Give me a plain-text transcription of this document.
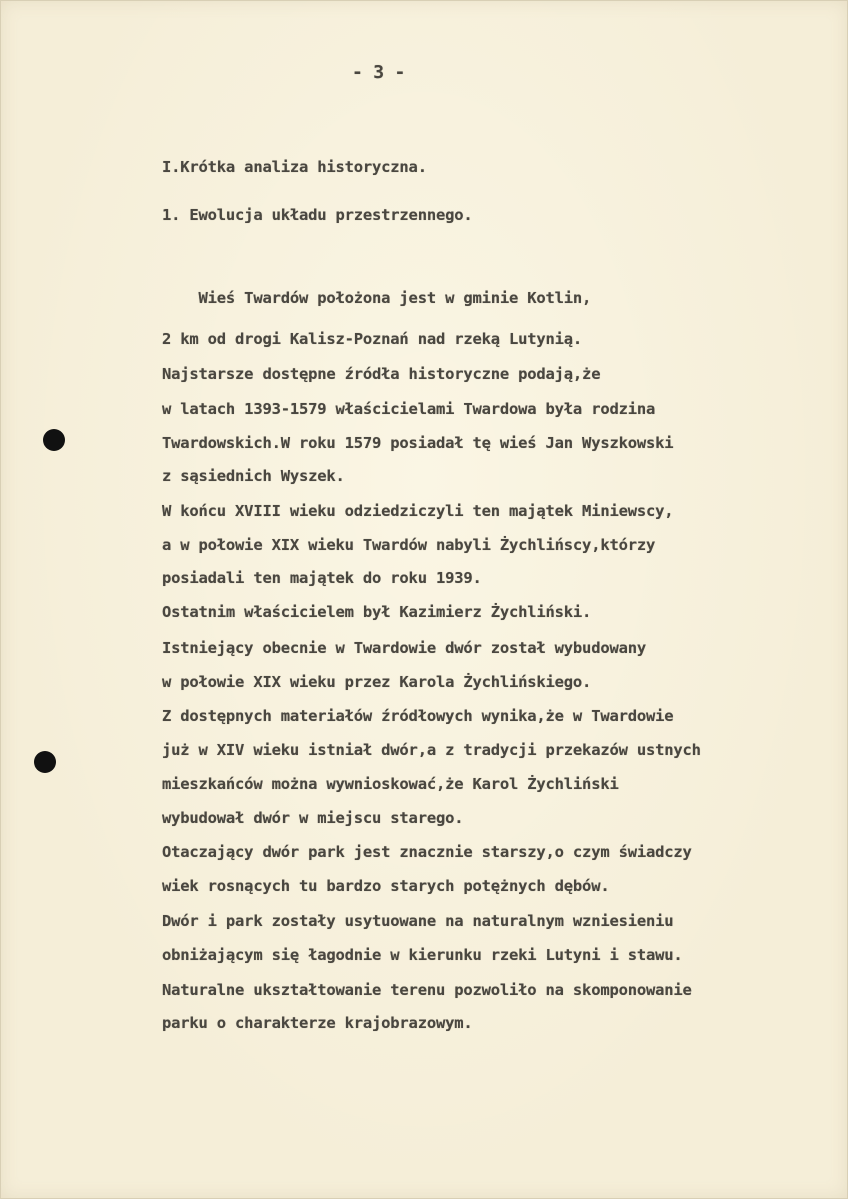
- 3 -
I.Krótka analiza historyczna.
1. Ewolucja układu przestrzennego.
Wieś Twardów położona jest w gminie Kotlin,
2 km od drogi Kalisz-Poznań nad rzeką Lutynią.
Najstarsze dostępne źródła historyczne podają,że
w latach 1393-1579 właścicielami Twardowa była rodzina
Twardowskich.W roku 1579 posiadał tę wieś Jan Wyszkowski
z sąsiednich Wyszek.
W końcu XVIII wieku odziedziczyli ten majątek Miniewscy,
a w połowie XIX wieku Twardów nabyli Żychlińscy,którzy
posiadali ten majątek do roku 1939.
Ostatnim właścicielem był Kazimierz Żychliński.
Istniejący obecnie w Twardowie dwór został wybudowany
w połowie XIX wieku przez Karola Żychlińskiego.
Z dostępnych materiałów źródłowych wynika,że w Twardowie
już w XIV wieku istniał dwór,a z tradycji przekazów ustnych
mieszkańców można wywnioskować,że Karol Żychliński
wybudował dwór w miejscu starego.
Otaczający dwór park jest znacznie starszy,o czym świadczy
wiek rosnących tu bardzo starych potężnych dębów.
Dwór i park zostały usytuowane na naturalnym wzniesieniu
obniżającym się łagodnie w kierunku rzeki Lutyni i stawu.
Naturalne ukształtowanie terenu pozwoliło na skomponowanie
parku o charakterze krajobrazowym.
